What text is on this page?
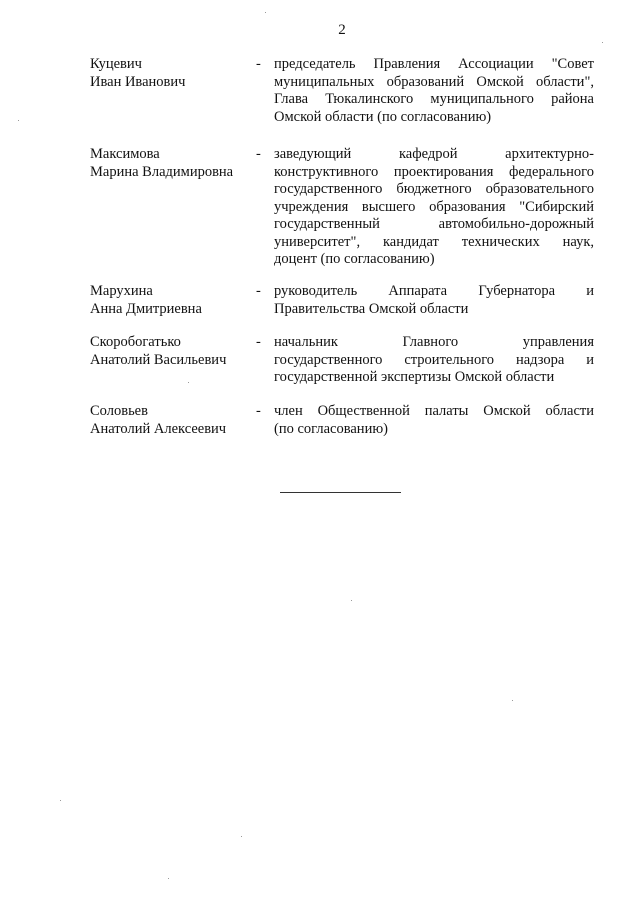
2
Куцевич
Иван Иванович
- председатель Правления Ассоциации "Совет
муниципальных образований Омской области",
Глава Тюкалинского муниципального района
Омской области (по согласованию)
Максимова
Марина Владимировна
- заведующий кафедрой архитектурно-
конструктивного проектирования федерального
государственного бюджетного образовательного
учреждения высшего образования "Сибирский
государственный автомобильно-дорожный
университет", кандидат технических наук,
доцент (по согласованию)
Марухина
Анна Дмитриевна
- руководитель Аппарата Губернатора и
Правительства Омской области
Скоробогатько
Анатолий Васильевич
- начальник Главного управления
государственного строительного надзора и
государственной экспертизы Омской области
Соловьев
Анатолий Алексеевич
- член Общественной палаты Омской области
(по согласованию)
